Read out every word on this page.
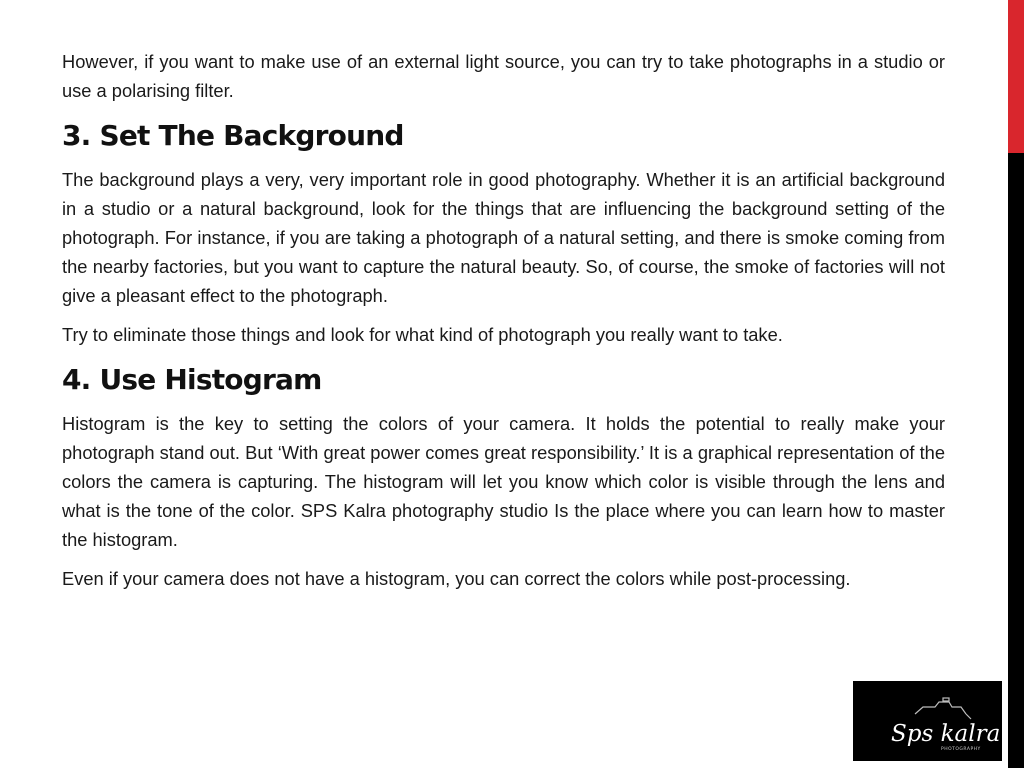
However, if you want to make use of an external light source, you can try to take photographs in a studio or use a polarising filter.

3. Set The Background

The background plays a very, very important role in good photography. Whether it is an artificial background in a studio or a natural background, look for the things that are influencing the background setting of the photograph. For instance, if you are taking a photograph of a natural setting, and there is smoke coming from the nearby factories, but you want to capture the natural beauty. So, of course, the smoke of factories will not give a pleasant effect to the photograph.

Try to eliminate those things and look for what kind of photograph you really want to take.

4. Use Histogram

Histogram is the key to setting the colors of your camera. It holds the potential to really make your photograph stand out. But ‘With great power comes great responsibility.’ It is a graphical representation of the colors the camera is capturing. The histogram will let you know which color is visible through the lens and what is the tone of the color. SPS Kalra photography studio Is the place where you can learn how to master the histogram.

Even if your camera does not have a histogram, you can correct the colors while post-processing.

Sps kalra
PHOTOGRAPHY
